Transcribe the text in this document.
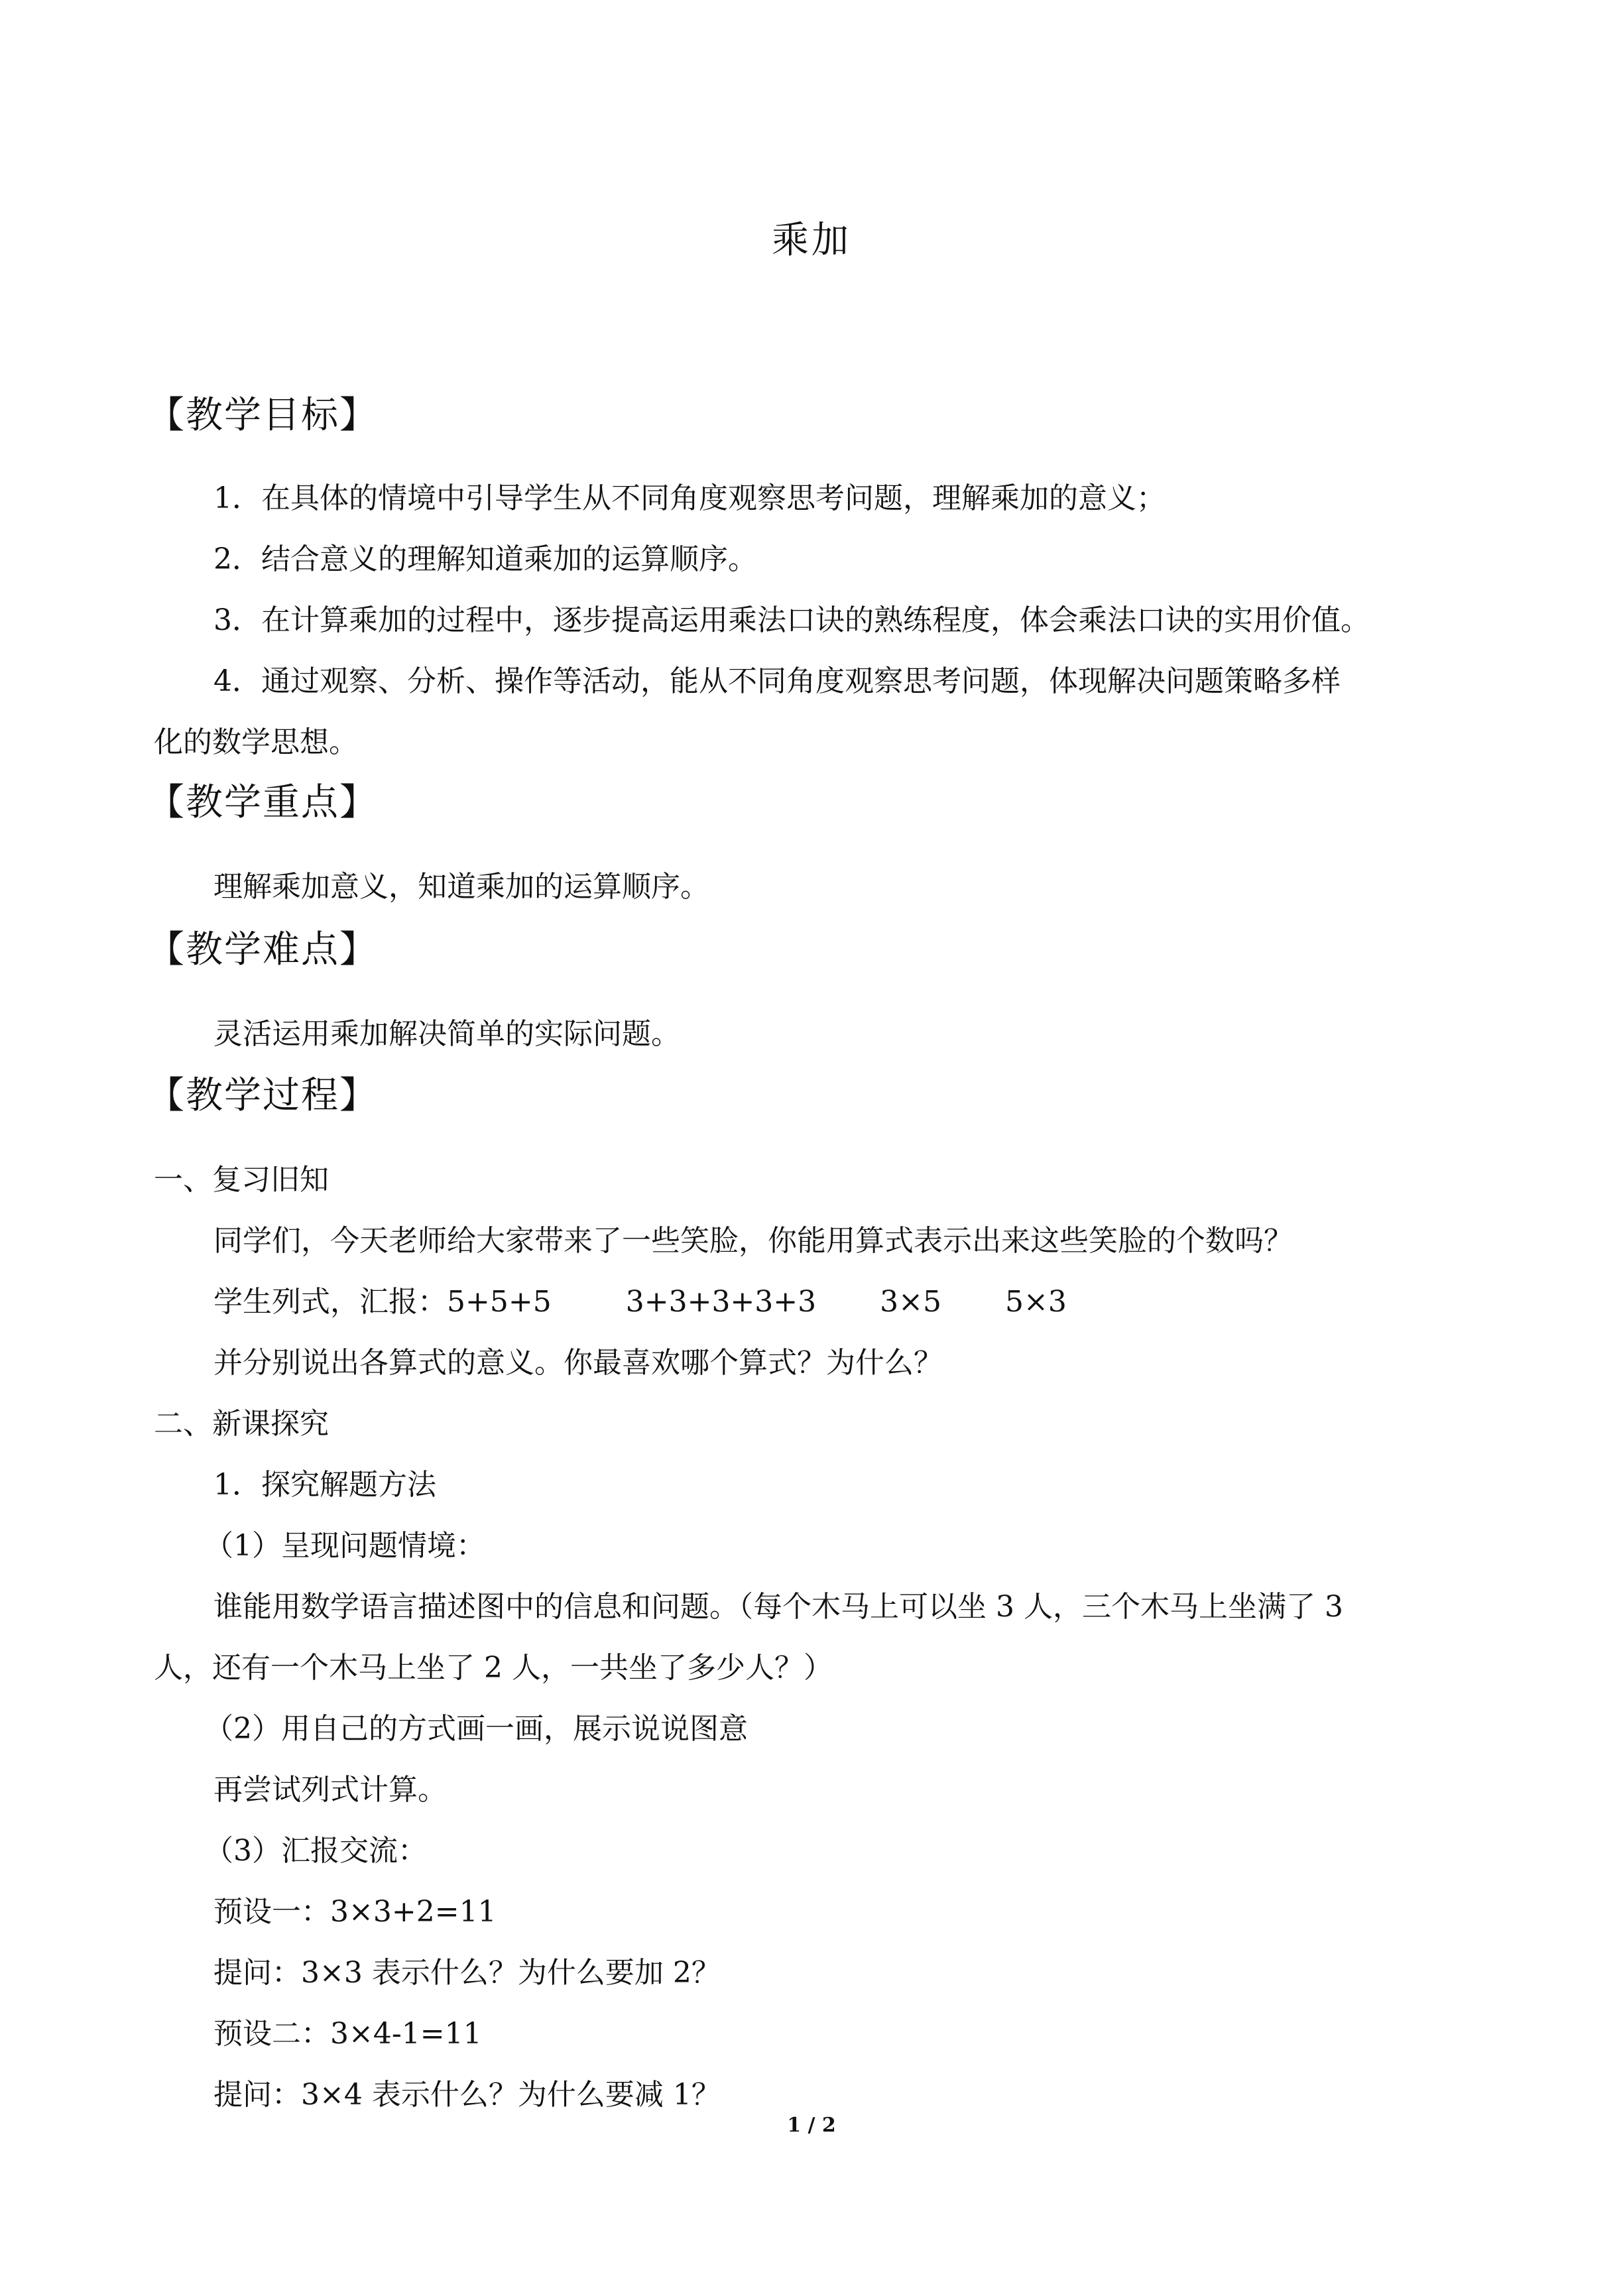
乘加
【教学目标】
1．在具体的情境中引导学生从不同角度观察思考问题，理解乘加的意义；
2．结合意义的理解知道乘加的运算顺序。
3．在计算乘加的过程中，逐步提高运用乘法口诀的熟练程度，体会乘法口诀的实用价值。
4．通过观察、分析、操作等活动，能从不同角度观察思考问题，体现解决问题策略多样
化的数学思想。
【教学重点】
理解乘加意义，知道乘加的运算顺序。
【教学难点】
灵活运用乘加解决简单的实际问题。
【教学过程】
一、复习旧知
同学们，今天老师给大家带来了一些笑脸，你能用算式表示出来这些笑脸的个数吗？
学生列式，汇报：5+5+5	3+3+3+3+3 3×5 5×3
并分别说出各算式的意义。你最喜欢哪个算式？为什么？
二、新课探究
1．探究解题方法
（1）呈现问题情境：
谁能用数学语言描述图中的信息和问题。（每个木马上可以坐 3 人，三个木马上坐满了 3
人，还有一个木马上坐了 2 人，一共坐了多少人？）
（2）用自己的方式画一画，展示说说图意
再尝试列式计算。
（3）汇报交流：
预设一：3×3+2=11
提问：3×3 表示什么？为什么要加 2？
预设二：3×4-1=11
提问：3×4 表示什么？为什么要减 1？
1 / 2
